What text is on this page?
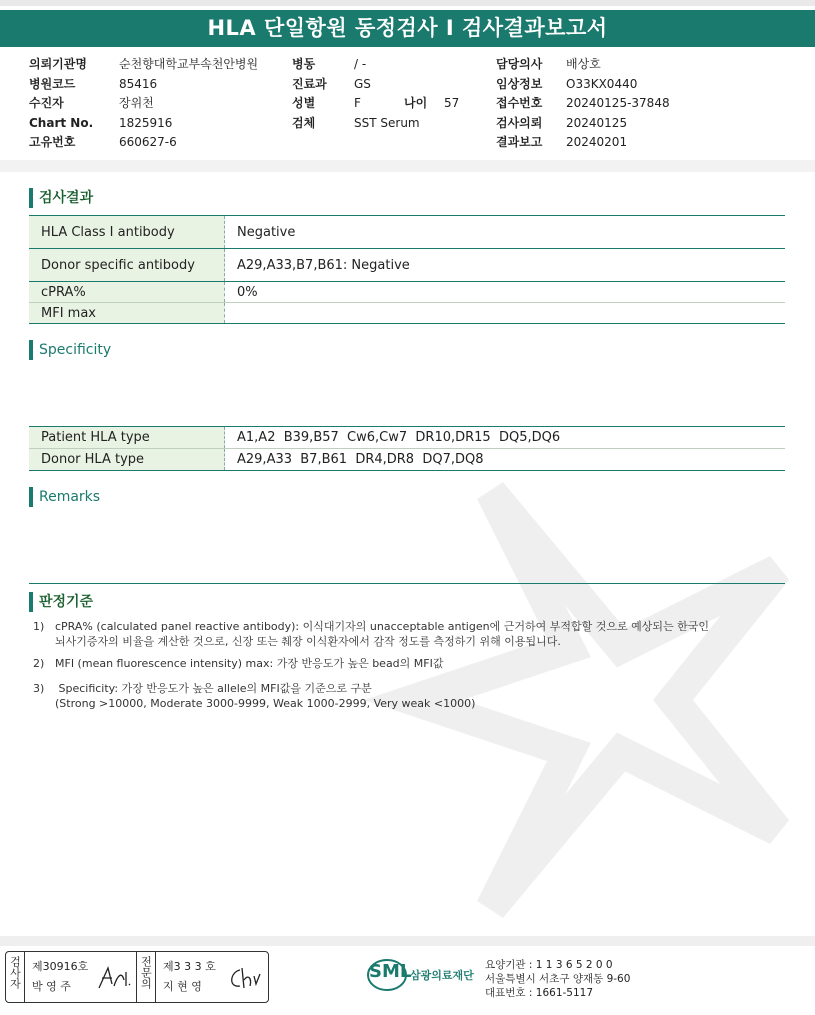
HLA 단일항원 동정검사 I 검사결과보고서
의뢰기관명	순천향대학교부속천안병원
병원코드	85416
수진자	장위천
Chart No. 1825916
고유번호	660627-6
병동	/ -
진료과 GS
성별	F	나이 57
검체	SST Serum
담당의사 배상호
임상정보 O33KX0440
접수번호 20240125-37848
검사의뢰 20240125
결과보고 20240201
검사결과
HLA Class I antibody	Negative
Donor specific antibody	A29,A33,B7,B61: Negative
cPRA%	0%
MFI max	
Specificity
Patient HLA type	A1,A2  B39,B57  Cw6,Cw7  DR10,DR15  DQ5,DQ6
Donor HLA type	A29,A33  B7,B61  DR4,DR8  DQ7,DQ8
Remarks
판정기준
1) cPRA% (calculated panel reactive antibody): 이식대기자의 unacceptable antigen에 근거하여 부적합할 것으로 예상되는 한국인
뇌사기증자의 비율을 계산한 것으로, 신장 또는 췌장 이식환자에서 감작 정도를 측정하기 위해 이용됩니다.
2) MFI (mean fluorescence intensity) max: 가장 반응도가 높은 bead의 MFI값
3) Specificity: 가장 반응도가 높은 allele의 MFI값을 기준으로 구분
(Strong >10000, Moderate 3000-9999, Weak 1000-2999, Very weak <1000)
검사자 제30916호
박 영 주	전문의 제3 3 3 호
지 현 영
SML
삼광의료재단
요양기관 : 1 1 3 6 5 2 0 0
서울특별시 서초구 양재동 9-60
대표번호 : 1661-5117
